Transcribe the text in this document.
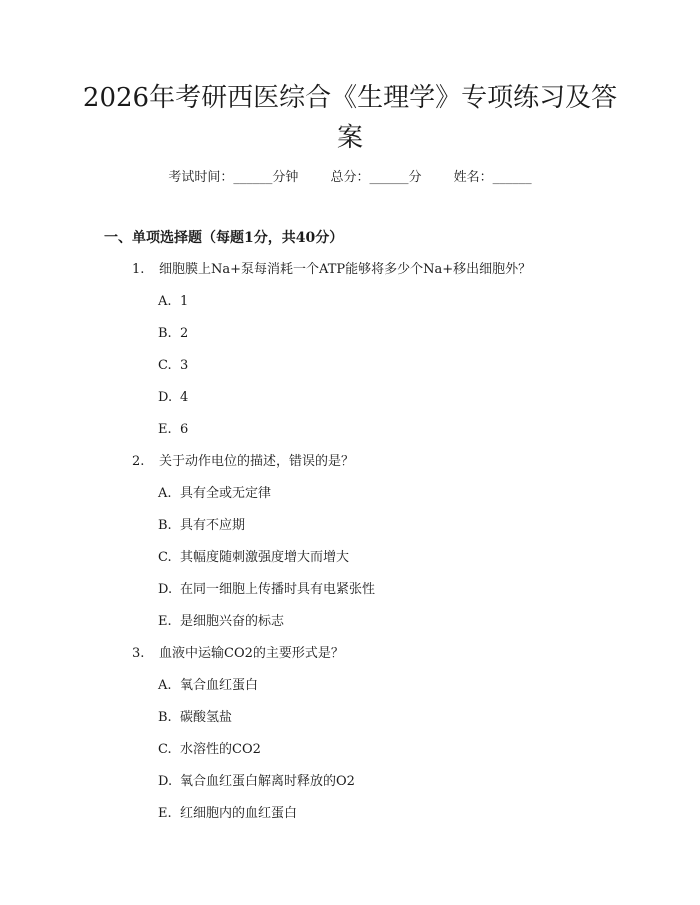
2026年考研西医综合《生理学》专项练习及答案
考试时间：______分钟 总分：______分 姓名：______
一、单项选择题（每题1分，共40分）
1. 细胞膜上Na+泵每消耗一个ATP能够将多少个Na+移出细胞外？
A. 1
B. 2
C. 3
D. 4
E. 6
2. 关于动作电位的描述，错误的是？
A. 具有全或无定律
B. 具有不应期
C. 其幅度随刺激强度增大而增大
D. 在同一细胞上传播时具有电紧张性
E. 是细胞兴奋的标志
3. 血液中运输CO2的主要形式是？
A. 氧合血红蛋白
B. 碳酸氢盐
C. 水溶性的CO2
D. 氧合血红蛋白解离时释放的O2
E. 红细胞内的血红蛋白
